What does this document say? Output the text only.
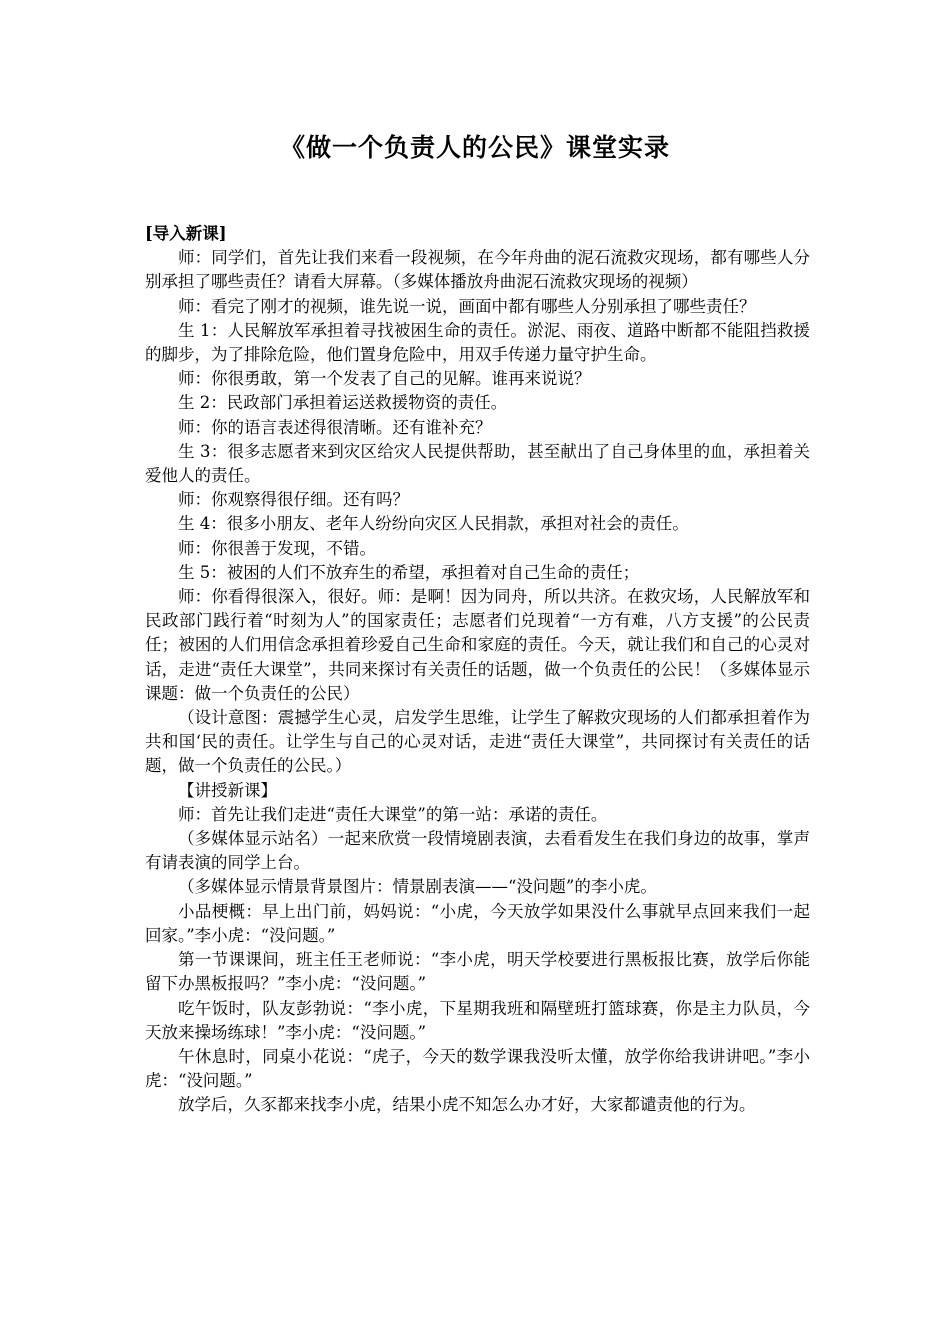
《做一个负责人的公民》课堂实录

[导入新课]

师：同学们，首先让我们来看一段视频，在今年舟曲的泥石流救灾现场，都有哪些人分别承担了哪些责任？请看大屏幕。（多媒体播放舟曲泥石流救灾现场的视频）

师：看完了刚才的视频，谁先说一说，画面中都有哪些人分别承担了哪些责任？

生 1：人民解放军承担着寻找被困生命的责任。淤泥、雨夜、道路中断都不能阻挡救援的脚步，为了排除危险，他们置身危险中，用双手传递力量守护生命。

师：你很勇敢，第一个发表了自己的见解。谁再来说说？

生 2：民政部门承担着运送救援物资的责任。

师：你的语言表述得很清晰。还有谁补充？

生 3：很多志愿者来到灾区给灾人民提供帮助，甚至献出了自己身体里的血，承担着关爱他人的责任。

师：你观察得很仔细。还有吗？

生 4：很多小朋友、老年人纷纷向灾区人民捐款，承担对社会的责任。

师：你很善于发现，不错。

生 5：被困的人们不放弃生的希望，承担着对自己生命的责任；

师：你看得很深入，很好。师：是啊！因为同舟，所以共济。在救灾场，人民解放军和民政部门践行着“时刻为人”的国家责任；志愿者们兑现着“一方有难，八方支援”的公民责任；被困的人们用信念承担着珍爱自己生命和家庭的责任。今天，就让我们和自己的心灵对话，走进“责任大课堂”，共同来探讨有关责任的话题，做一个负责任的公民！（多媒体显示课题：做一个负责任的公民）

（设计意图：震撼学生心灵，启发学生思维，让学生了解救灾现场的人们都承担着作为共和国‘民的责任。让学生与自己的心灵对话，走进“责任大课堂”，共同探讨有关责任的话题，做一个负责任的公民。）

【讲授新课】

师：首先让我们走进“责任大课堂”的第一站：承诺的责任。

（多媒体显示站名）一起来欣赏一段情境剧表演，去看看发生在我们身边的故事，掌声有请表演的同学上台。

（多媒体显示情景背景图片：情景剧表演——“没问题”的李小虎。

小品梗概：早上出门前，妈妈说：“小虎，今天放学如果没什么事就早点回来我们一起回家。”李小虎：“没问题。”

第一节课课间，班主任王老师说：“李小虎，明天学校要进行黑板报比赛，放学后你能留下办黑板报吗？”李小虎：“没问题。”

吃午饭时，队友彭勃说：“李小虎，下星期我班和隔壁班打篮球赛，你是主力队员，今天放来操场练球！”李小虎：“没问题。”

午休息时，同桌小花说：“虎子，今天的数学课我没听太懂，放学你给我讲讲吧。”李小虎：“没问题。”

放学后，久豕都来找李小虎，结果小虎不知怎么办才好，大家都谴责他的行为。
